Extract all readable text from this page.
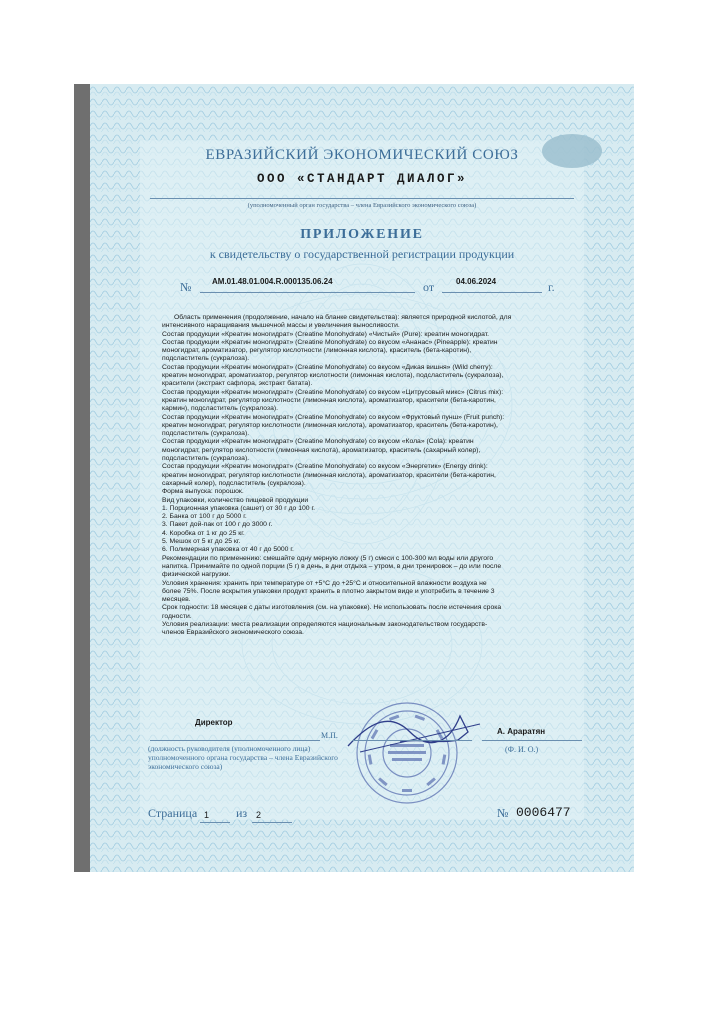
ЕВРАЗИЙСКИЙ ЭКОНОМИЧЕСКИЙ СОЮЗ

ООО «СТАНДАРТ ДИАЛОГ»

(уполномоченный орган государства – члена Евразийского экономического союза)

ПРИЛОЖЕНИЕ

к свидетельству о государственной регистрации продукции

№	AM.01.48.01.004.R.000135.06.24	от	04.06.2024	г.

Область применения (продолжение, начало на бланке свидетельства): является природной кислотой, для
интенсивного наращивания мышечной массы и увеличения выносливости.
Состав продукции «Креатин моногидрат» (Creatine Monohydrate) «Чистый» (Pure): креатин моногидрат.
Состав продукции «Креатин моногидрат» (Creatine Monohydrate) со вкусом «Ананас» (Pineapple): креатин
моногидрат, ароматизатор, регулятор кислотности (лимонная кислота), краситель (бета-каротин),
подсластитель (сукралоза).
Состав продукции «Креатин моногидрат» (Creatine Monohydrate) со вкусом «Дикая вишня» (Wild cherry):
креатин моногидрат, ароматизатор, регулятор кислотности (лимонная кислота), подсластитель (сукралоза),
красители (экстракт сафлора, экстракт батата).
Состав продукции «Креатин моногидрат» (Creatine Monohydrate) со вкусом «Цитрусовый микс» (Citrus mix):
креатин моногидрат, регулятор кислотности (лимонная кислота), ароматизатор, красители (бета-каротин,
кармин), подсластитель (сукралоза).
Состав продукции «Креатин моногидрат» (Creatine Monohydrate) со вкусом «Фруктовый пунш» (Fruit punch):
креатин моногидрат, регулятор кислотности (лимонная кислота), ароматизатор, краситель (бета-каротин),
подсластитель (сукралоза).
Состав продукции «Креатин моногидрат» (Creatine Monohydrate) со вкусом «Кола» (Cola): креатин
моногидрат, регулятор кислотности (лимонная кислота), ароматизатор, краситель (сахарный колер),
подсластитель (сукралоза).
Состав продукции «Креатин моногидрат» (Creatine Monohydrate) со вкусом «Энергетик» (Energy drink):
креатин моногидрат, регулятор кислотности (лимонная кислота), ароматизатор, красители (бета-каротин,
сахарный колер), подсластитель (сукралоза).
Форма выпуска: порошок.
Вид упаковки, количество пищевой продукции
1. Порционная упаковка (сашет) от 30 г до 100 г.
2. Банка от 100 г до 5000 г.
3. Пакет дой-пак от 100 г до 3000 г.
4. Коробка от 1 кг до 25 кг.
5. Мешок от 5 кг до 25 кг.
6. Полимерная упаковка от 40 г до 5000 г.
Рекомендации по применению: смешайте одну мерную ложку (5 г) смеси с 100-300 мл воды или другого
напитка. Принимайте по одной порции (5 г) в день, в дни отдыха – утром, в дни тренировок – до или после
физической нагрузки.
Условия хранения: хранить при температуре от +5°С до +25°С и относительной влажности воздуха не
более 75%. После вскрытия упаковки продукт хранить в плотно закрытом виде и употребить в течение 3
месяцев.
Срок годности: 18 месяцев с даты изготовления (см. на упаковке). Не использовать после истечения срока
годности.
Условия реализации: места реализации определяются национальным законодательством государств-
членов Евразийского экономического союза.

Директор

М.П.	А. Араратян

(Ф. И. О.)

(должность руководителя (уполномоченного лица) уполномоченного органа государства – члена Евразийского экономического союза)

Страница 1 из 2	№ 0006477
